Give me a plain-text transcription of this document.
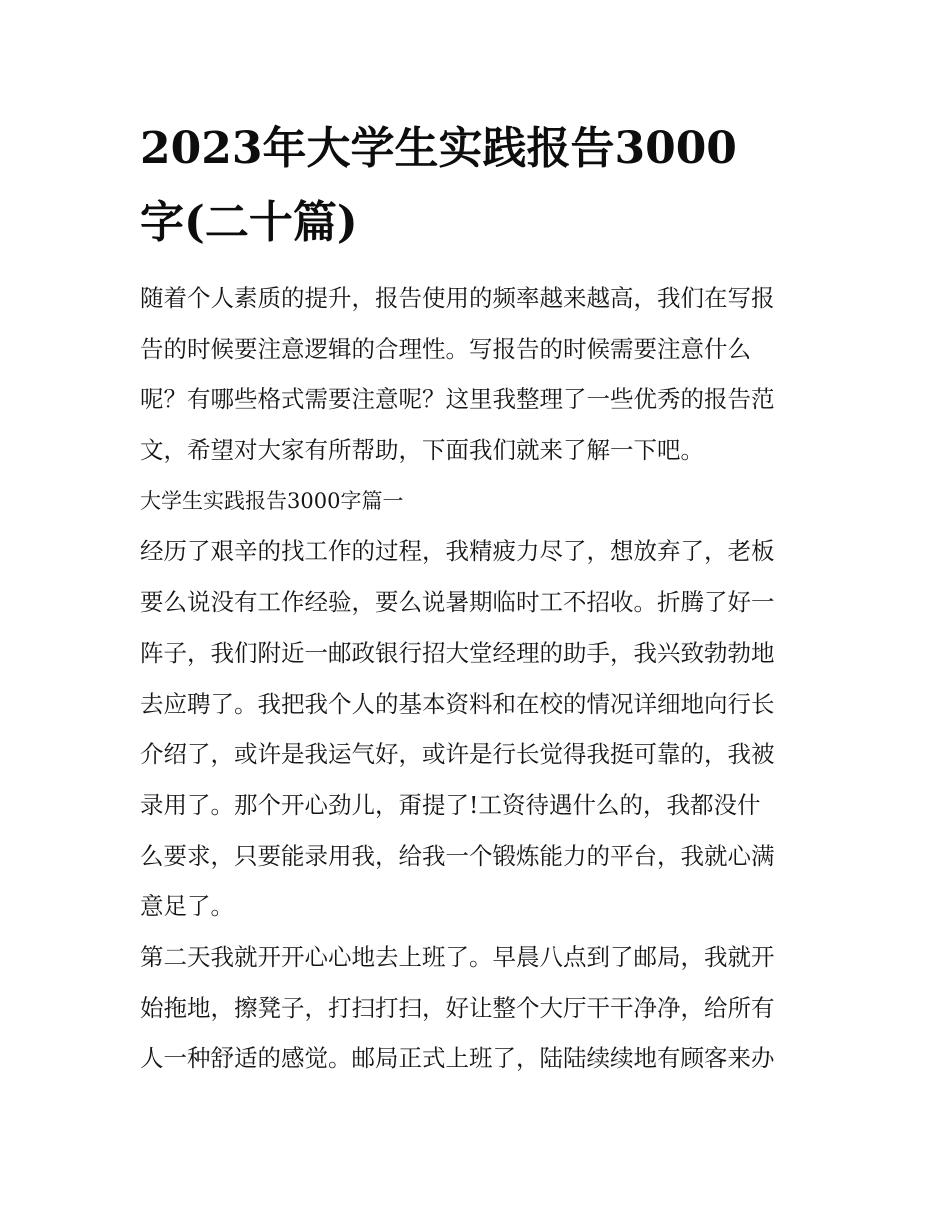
2023年大学生实践报告3000
字(二十篇)
随着个人素质的提升，报告使用的频率越来越高，我们在写报
告的时候要注意逻辑的合理性。写报告的时候需要注意什么
呢？有哪些格式需要注意呢？这里我整理了一些优秀的报告范
文，希望对大家有所帮助，下面我们就来了解一下吧。
大学生实践报告3000字篇一
经历了艰辛的找工作的过程，我精疲力尽了，想放弃了，老板
要么说没有工作经验，要么说暑期临时工不招收。折腾了好一
阵子，我们附近一邮政银行招大堂经理的助手，我兴致勃勃地
去应聘了。我把我个人的基本资料和在校的情况详细地向行长
介绍了，或许是我运气好，或许是行长觉得我挺可靠的，我被
录用了。那个开心劲儿，甭提了!工资待遇什么的，我都没什
么要求，只要能录用我，给我一个锻炼能力的平台，我就心满
意足了。
第二天我就开开心心地去上班了。早晨八点到了邮局，我就开
始拖地，擦凳子，打扫打扫，好让整个大厅干干净净，给所有
人一种舒适的感觉。邮局正式上班了，陆陆续续地有顾客来办
